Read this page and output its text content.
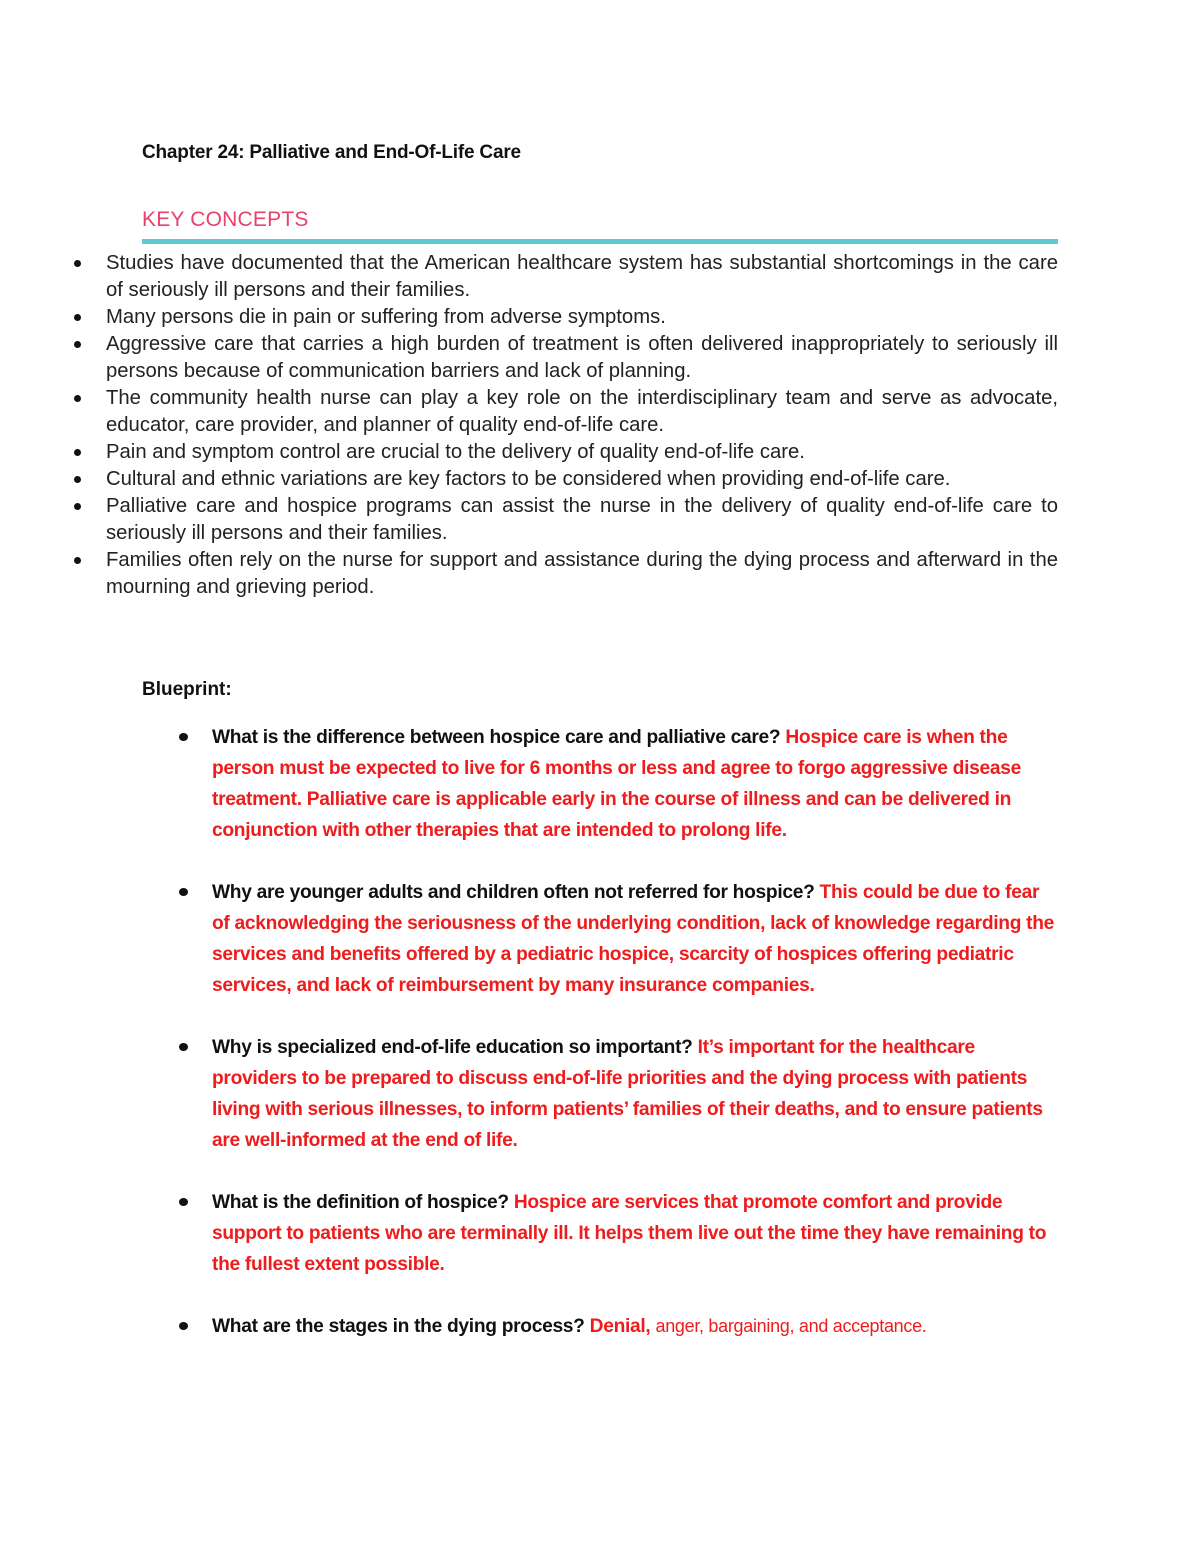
Chapter 24: Palliative and End-Of-Life Care
KEY CONCEPTS
Studies have documented that the American healthcare system has substantial shortcomings in the care of seriously ill persons and their families.
Many persons die in pain or suffering from adverse symptoms.
Aggressive care that carries a high burden of treatment is often delivered inappropriately to seriously ill persons because of communication barriers and lack of planning.
The community health nurse can play a key role on the interdisciplinary team and serve as advocate, educator, care provider, and planner of quality end-of-life care.
Pain and symptom control are crucial to the delivery of quality end-of-life care.
Cultural and ethnic variations are key factors to be considered when providing end-of-life care.
Palliative care and hospice programs can assist the nurse in the delivery of quality end-of-life care to seriously ill persons and their families.
Families often rely on the nurse for support and assistance during the dying process and afterward in the mourning and grieving period.
Blueprint:
What is the difference between hospice care and palliative care? Hospice care is when the person must be expected to live for 6 months or less and agree to forgo aggressive disease treatment. Palliative care is applicable early in the course of illness and can be delivered in conjunction with other therapies that are intended to prolong life.
Why are younger adults and children often not referred for hospice? This could be due to fear of acknowledging the seriousness of the underlying condition, lack of knowledge regarding the services and benefits offered by a pediatric hospice, scarcity of hospices offering pediatric services, and lack of reimbursement by many insurance companies.
Why is specialized end-of-life education so important? It’s important for the healthcare providers to be prepared to discuss end-of-life priorities and the dying process with patients living with serious illnesses, to inform patients’ families of their deaths, and to ensure patients are well-informed at the end of life.
What is the definition of hospice? Hospice are services that promote comfort and provide support to patients who are terminally ill. It helps them live out the time they have remaining to the fullest extent possible.
What are the stages in the dying process? Denial, anger, bargaining, and acceptance.
